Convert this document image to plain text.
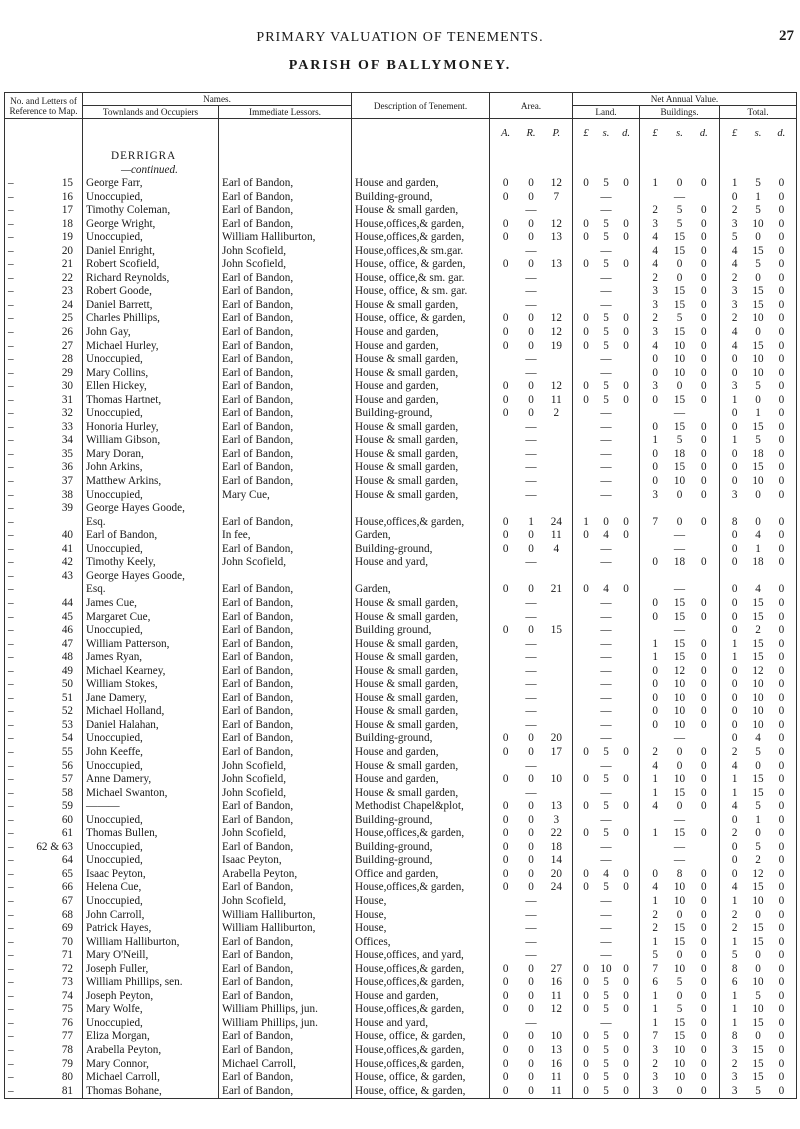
PRIMARY VALUATION OF TENEMENTS.	27
PARISH OF BALLYMONEY.
No. and Letters of Reference to Map.	Names.		Description of Tenement.	Area.	Net Annual Value.		
	Townlands and Occupiers	Immediate Lessors.			Land.	Buildings.	Total.

				A. R. P.	£ s. d.	£ s. d.	£ s. d.

	DERRIGRA						
	—continued.						

– 15	George Farr,	Earl of Bandon,	House and garden,	0 0 12	0 5 0	1 0 0	1 5 0

– 16	Unoccupied,	Earl of Bandon,	Building-ground,	0 0 7	—	—	0 1 0

– 17	Timothy Coleman,	Earl of Bandon,	House & small garden,	—	—	2 5 0	2 5 0

– 18	George Wright,	Earl of Bandon,	House,offices,& garden,	0 0 12	0 5 0	3 5 0	3 10 0

– 19	Unoccupied,	William Halliburton,	House,offices,& garden,	0 0 13	0 5 0	4 15 0	5 0 0

– 20	Daniel Enright,	John Scofield,	House,offices,& sm.gar.	—	—	4 15 0	4 15 0

– 21	Robert Scofield,	John Scofield,	House, office, & garden,	0 0 13	0 5 0	4 0 0	4 5 0

– 22	Richard Reynolds,	Earl of Bandon,	House, office,& sm. gar.	—	—	2 0 0	2 0 0

– 23	Robert Goode,	Earl of Bandon,	House, office, & sm. gar.	—	—	3 15 0	3 15 0

– 24	Daniel Barrett,	Earl of Bandon,	House & small garden,	—	—	3 15 0	3 15 0

– 25	Charles Phillips,	Earl of Bandon,	House, office, & garden,	0 0 12	0 5 0	2 5 0	2 10 0

– 26	John Gay,	Earl of Bandon,	House and garden,	0 0 12	0 5 0	3 15 0	4 0 0

– 27	Michael Hurley,	Earl of Bandon,	House and garden,	0 0 19	0 5 0	4 10 0	4 15 0

– 28	Unoccupied,	Earl of Bandon,	House & small garden,	—	—	0 10 0	0 10 0

– 29	Mary Collins,	Earl of Bandon,	House & small garden,	—	—	0 10 0	0 10 0

– 30	Ellen Hickey,	Earl of Bandon,	House and garden,	0 0 12	0 5 0	3 0 0	3 5 0

– 31	Thomas Hartnet,	Earl of Bandon,	House and garden,	0 0 11	0 5 0	0 15 0	1 0 0

– 32	Unoccupied,	Earl of Bandon,	Building-ground,	0 0 2	—	—	0 1 0

– 33	Honoria Hurley,	Earl of Bandon,	House & small garden,	—	—	0 15 0	0 15 0

– 34	William Gibson,	Earl of Bandon,	House & small garden,	—	—	1 5 0	1 5 0

– 35	Mary Doran,	Earl of Bandon,	House & small garden,	—	—	0 18 0	0 18 0

– 36	John Arkins,	Earl of Bandon,	House & small garden,	—	—	0 15 0	0 15 0

– 37	Matthew Arkins,	Earl of Bandon,	House & small garden,	—	—	0 10 0	0 10 0

– 38	Unoccupied,	Mary Cue,	House & small garden,	—	—	3 0 0	3 0 0

– 39	George Hayes Goode,						

–	Esq.	Earl of Bandon,	House,offices,& garden,	0 1 24	1 0 0	7 0 0	8 0 0

– 40	Earl of Bandon,	In fee,	Garden,	0 0 11	0 4 0	—	0 4 0

– 41	Unoccupied,	Earl of Bandon,	Building-ground,	0 0 4	—	—	0 1 0

– 42	Timothy Keely,	John Scofield,	House and yard,	—	—	0 18 0	0 18 0

– 43	George Hayes Goode,						

–	Esq.	Earl of Bandon,	Garden,	0 0 21	0 4 0	—	0 4 0

– 44	James Cue,	Earl of Bandon,	House & small garden,	—	—	0 15 0	0 15 0

– 45	Margaret Cue,	Earl of Bandon,	House & small garden,	—	—	0 15 0	0 15 0

– 46	Unoccupied,	Earl of Bandon,	Building ground,	0 0 15	—	—	0 2 0

– 47	William Patterson,	Earl of Bandon,	House & small garden,	—	—	1 15 0	1 15 0

– 48	James Ryan,	Earl of Bandon,	House & small garden,	—	—	1 15 0	1 15 0

– 49	Michael Kearney,	Earl of Bandon,	House & small garden,	—	—	0 12 0	0 12 0

– 50	William Stokes,	Earl of Bandon,	House & small garden,	—	—	0 10 0	0 10 0

– 51	Jane Damery,	Earl of Bandon,	House & small garden,	—	—	0 10 0	0 10 0

– 52	Michael Holland,	Earl of Bandon,	House & small garden,	—	—	0 10 0	0 10 0

– 53	Daniel Halahan,	Earl of Bandon,	House & small garden,	—	—	0 10 0	0 10 0

– 54	Unoccupied,	Earl of Bandon,	Building-ground,	0 0 20	—	—	0 4 0

– 55	John Keeffe,	Earl of Bandon,	House and garden,	0 0 17	0 5 0	2 0 0	2 5 0

– 56	Unoccupied,	John Scofield,	House & small garden,	—	—	4 0 0	4 0 0

– 57	Anne Damery,	John Scofield,	House and garden,	0 0 10	0 5 0	1 10 0	1 15 0

– 58	Michael Swanton,	John Scofield,	House & small garden,	—	—	1 15 0	1 15 0

– 59	———	Earl of Bandon,	Methodist Chapel&plot,	0 0 13	0 5 0	4 0 0	4 5 0

– 60	Unoccupied,	Earl of Bandon,	Building-ground,	0 0 3	—	—	0 1 0

– 61	Thomas Bullen,	John Scofield,	House,offices,& garden,	0 0 22	0 5 0	1 15 0	2 0 0

– 62 & 63	Unoccupied,	Earl of Bandon,	Building-ground,	0 0 18	—	—	0 5 0

– 64	Unoccupied,	Isaac Peyton,	Building-ground,	0 0 14	—	—	0 2 0

– 65	Isaac Peyton,	Arabella Peyton,	Office and garden,	0 0 20	0 4 0	0 8 0	0 12 0

– 66	Helena Cue,	Earl of Bandon,	House,offices,& garden,	0 0 24	0 5 0	4 10 0	4 15 0

– 67	Unoccupied,	John Scofield,	House,	—	—	1 10 0	1 10 0

– 68	John Carroll,	William Halliburton,	House,	—	—	2 0 0	2 0 0

– 69	Patrick Hayes,	William Halliburton,	House,	—	—	2 15 0	2 15 0

– 70	William Halliburton,	Earl of Bandon,	Offices,	—	—	1 15 0	1 15 0

– 71	Mary O'Neill,	Earl of Bandon,	House,offices, and yard,	—	—	5 0 0	5 0 0

– 72	Joseph Fuller,	Earl of Bandon,	House,offices,& garden,	0 0 27	0 10 0	7 10 0	8 0 0

– 73	William Phillips, sen.	Earl of Bandon,	House,offices,& garden,	0 0 16	0 5 0	6 5 0	6 10 0

– 74	Joseph Peyton,	Earl of Bandon,	House and garden,	0 0 11	0 5 0	1 0 0	1 5 0

– 75	Mary Wolfe,	William Phillips, jun.	House,offices,& garden,	0 0 12	0 5 0	1 5 0	1 10 0

– 76	Unoccupied,	William Phillips, jun.	House and yard,	—	—	1 15 0	1 15 0

– 77	Eliza Morgan,	Earl of Bandon,	House, office, & garden,	0 0 10	0 5 0	7 15 0	8 0 0

– 78	Arabella Peyton,	Earl of Bandon,	House,offices,& garden,	0 0 13	0 5 0	3 10 0	3 15 0

– 79	Mary Connor,	Michael Carroll,	House,offices,& garden,	0 0 16	0 5 0	2 10 0	2 15 0

– 80	Michael Carroll,	Earl of Bandon,	House, office, & garden,	0 0 11	0 5 0	3 10 0	3 15 0

– 81	Thomas Bohane,	Earl of Bandon,	House, office, & garden,	0 0 11	0 5 0	3 0 0	3 5 0
